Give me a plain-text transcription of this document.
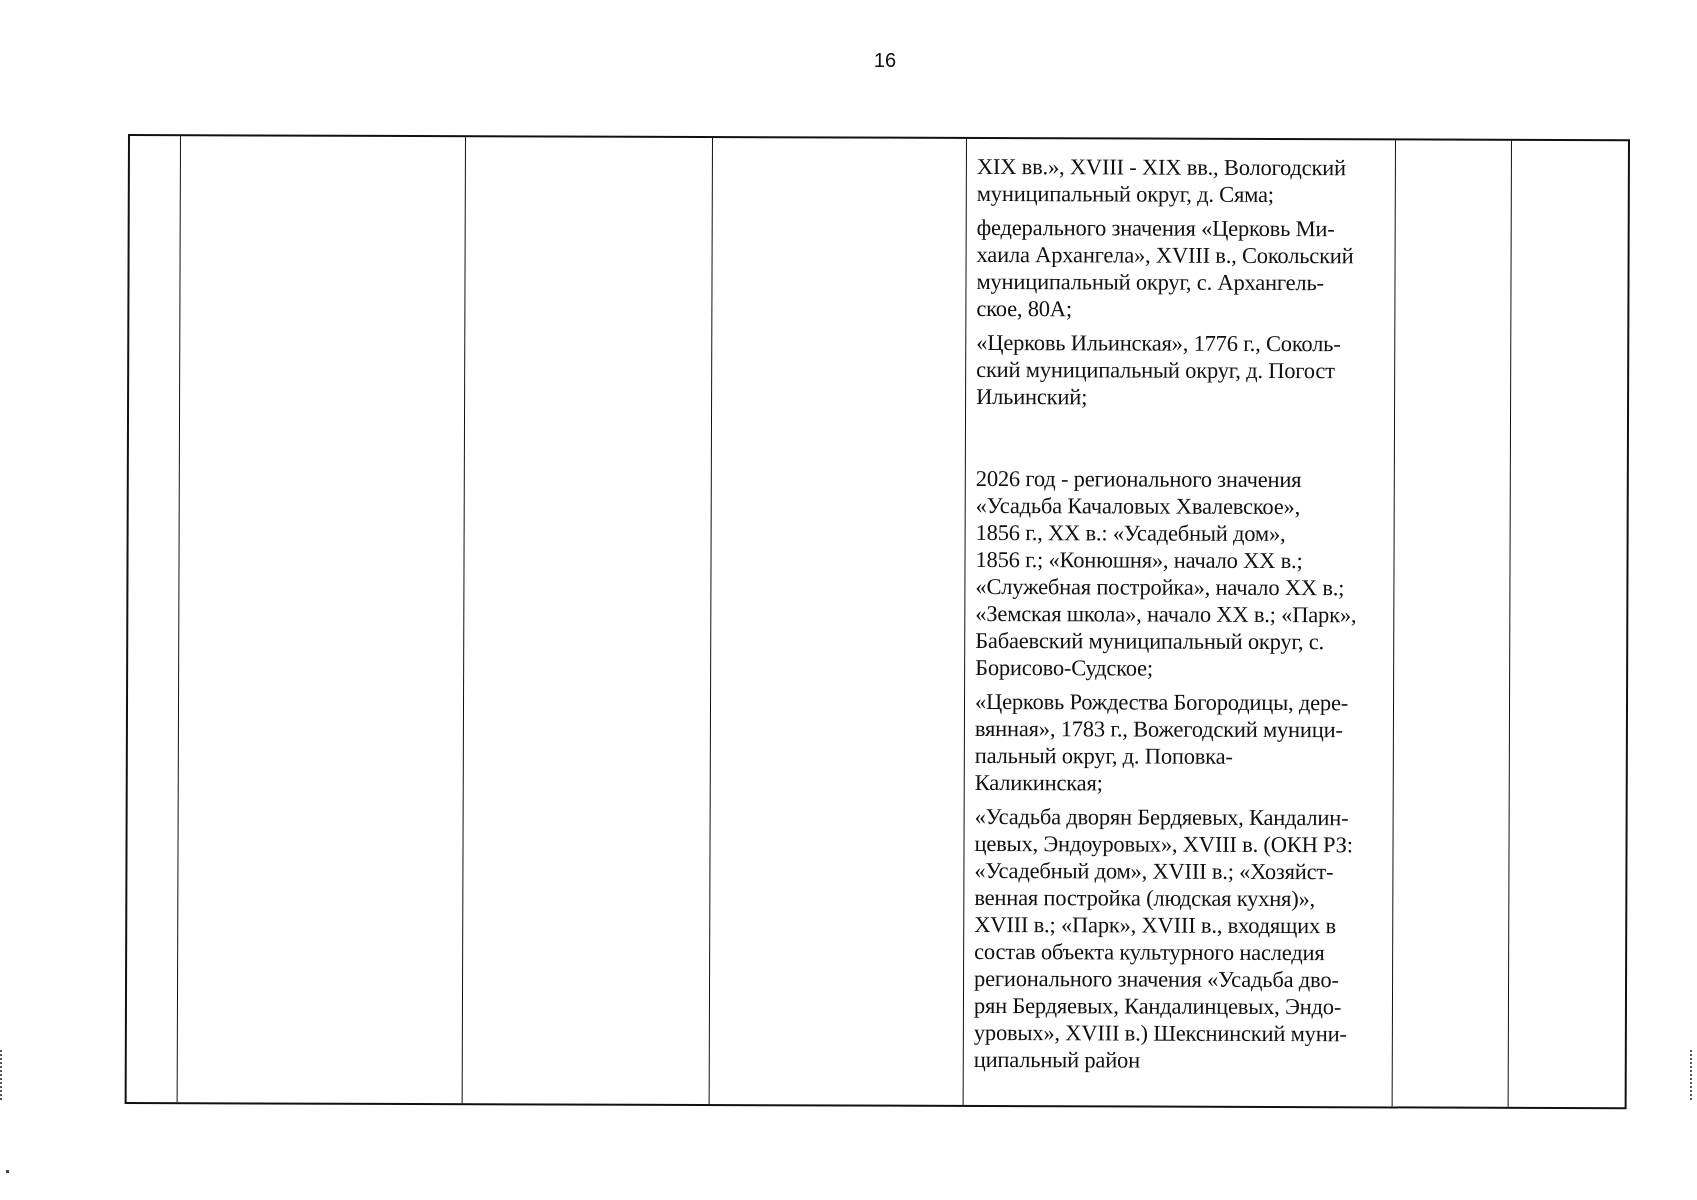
16

XIX вв.», XVIII - XIX вв., Вологодский
муниципальный округ, д. Сяма;

федерального значения «Церковь Ми-
хаила Архангела», XVIII в., Сокольский
муниципальный округ, с. Архангель-
ское, 80А;

«Церковь Ильинская», 1776 г., Соколь-
ский муниципальный округ, д. Погост
Ильинский;

2026 год - регионального значения
«Усадьба Качаловых Хвалевское»,
1856 г., XX в.: «Усадебный дом»,
1856 г.; «Конюшня», начало XX в.;
«Служебная постройка», начало XX в.;
«Земская школа», начало XX в.; «Парк»,
Бабаевский муниципальный округ, с.
Борисово-Судское;

«Церковь Рождества Богородицы, дере-
вянная», 1783 г., Вожегодский муници-
пальный округ, д. Поповка-
Каликинская;

«Усадьба дворян Бердяевых, Кандалин-
цевых, Эндоуровых», XVIII в. (ОКН РЗ:
«Усадебный дом», XVIII в.; «Хозяйст-
венная постройка (людская кухня)»,
XVIII в.; «Парк», XVIII в., входящих в
состав объекта культурного наследия
регионального значения «Усадьба дво-
рян Бердяевых, Кандалинцевых, Эндо-
уровых», XVIII в.) Шекснинский муни-
ципальный район
